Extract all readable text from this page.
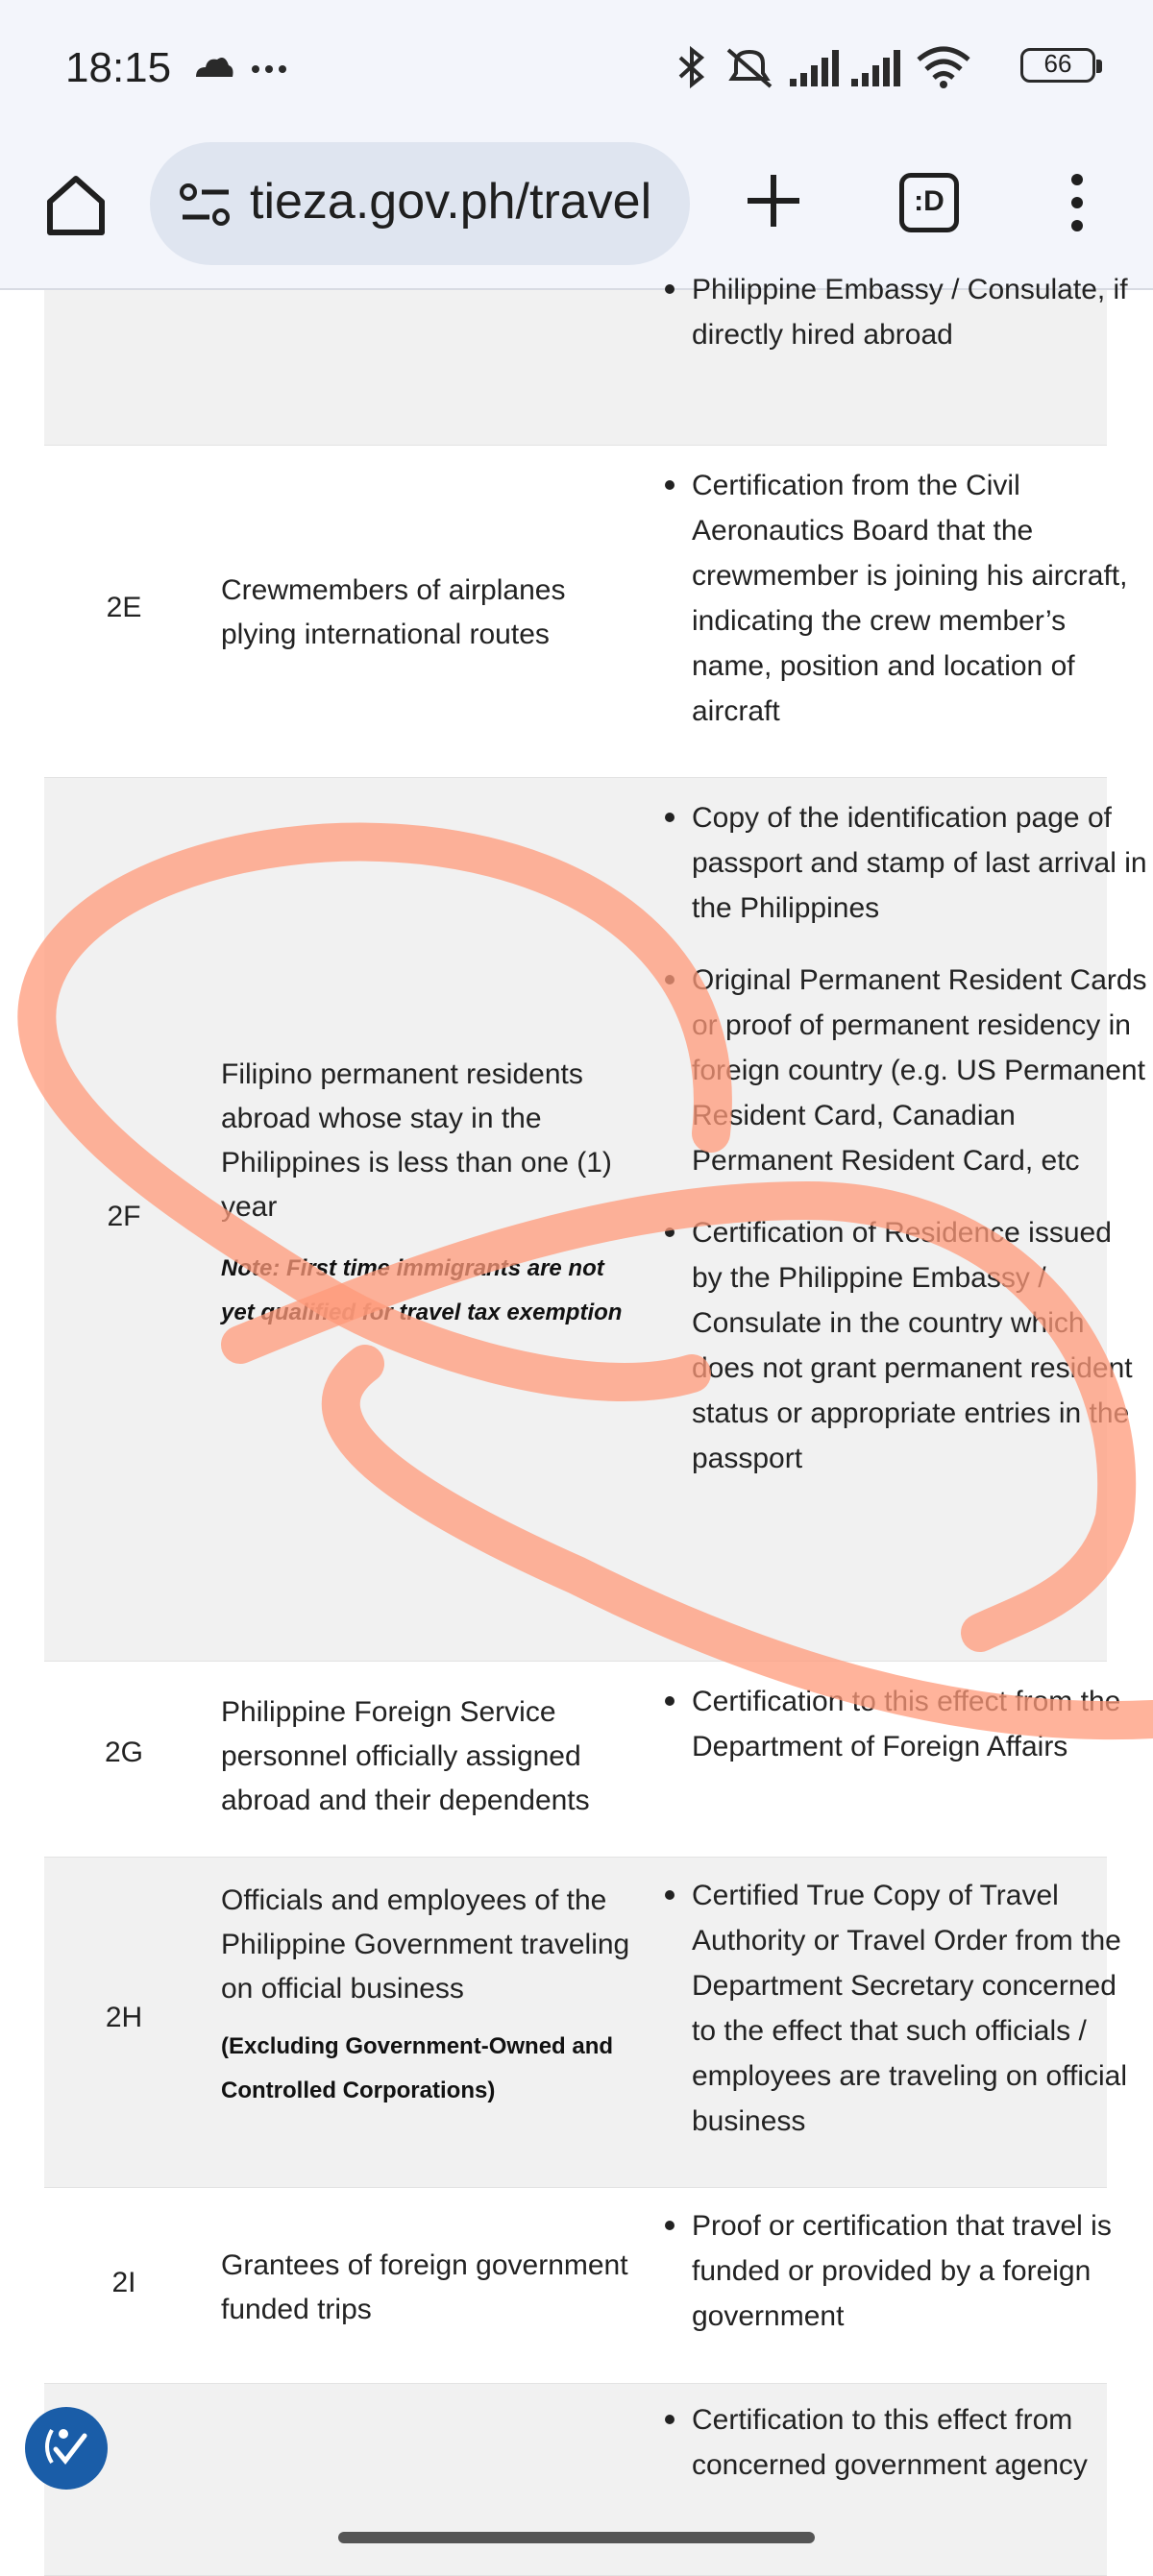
18:15	66
tieza.gov.ph/travel	:D
Philippine Embassy / Consulate, if directly hired abroad
2E
Crewmembers of airplanes plying international routes
Certification from the Civil Aeronautics Board that the crewmember is joining his aircraft, indicating the crew member’s name, position and location of aircraft
2F
Filipino permanent residents abroad whose stay in the Philippines is less than one (1) year
Note: First time immigrants are not yet qualified for travel tax exemption
Copy of the identification page of passport and stamp of last arrival in the Philippines
Original Permanent Resident Cards or proof of permanent residency in foreign country (e.g. US Permanent Resident Card, Canadian Permanent Resident Card, etc
Certification of Residence issued by the Philippine Embassy / Consulate in the country which does not grant permanent resident status or appropriate entries in the passport
2G
Philippine Foreign Service personnel officially assigned abroad and their dependents
Certification to this effect from the Department of Foreign Affairs
2H
Officials and employees of the Philippine Government traveling on official business
(Excluding Government-Owned and Controlled Corporations)
Certified True Copy of Travel Authority or Travel Order from the Department Secretary concerned to the effect that such officials / employees are traveling on official business
2I
Grantees of foreign government funded trips
Proof or certification that travel is funded or provided by a foreign government
Certification to this effect from concerned government agency
